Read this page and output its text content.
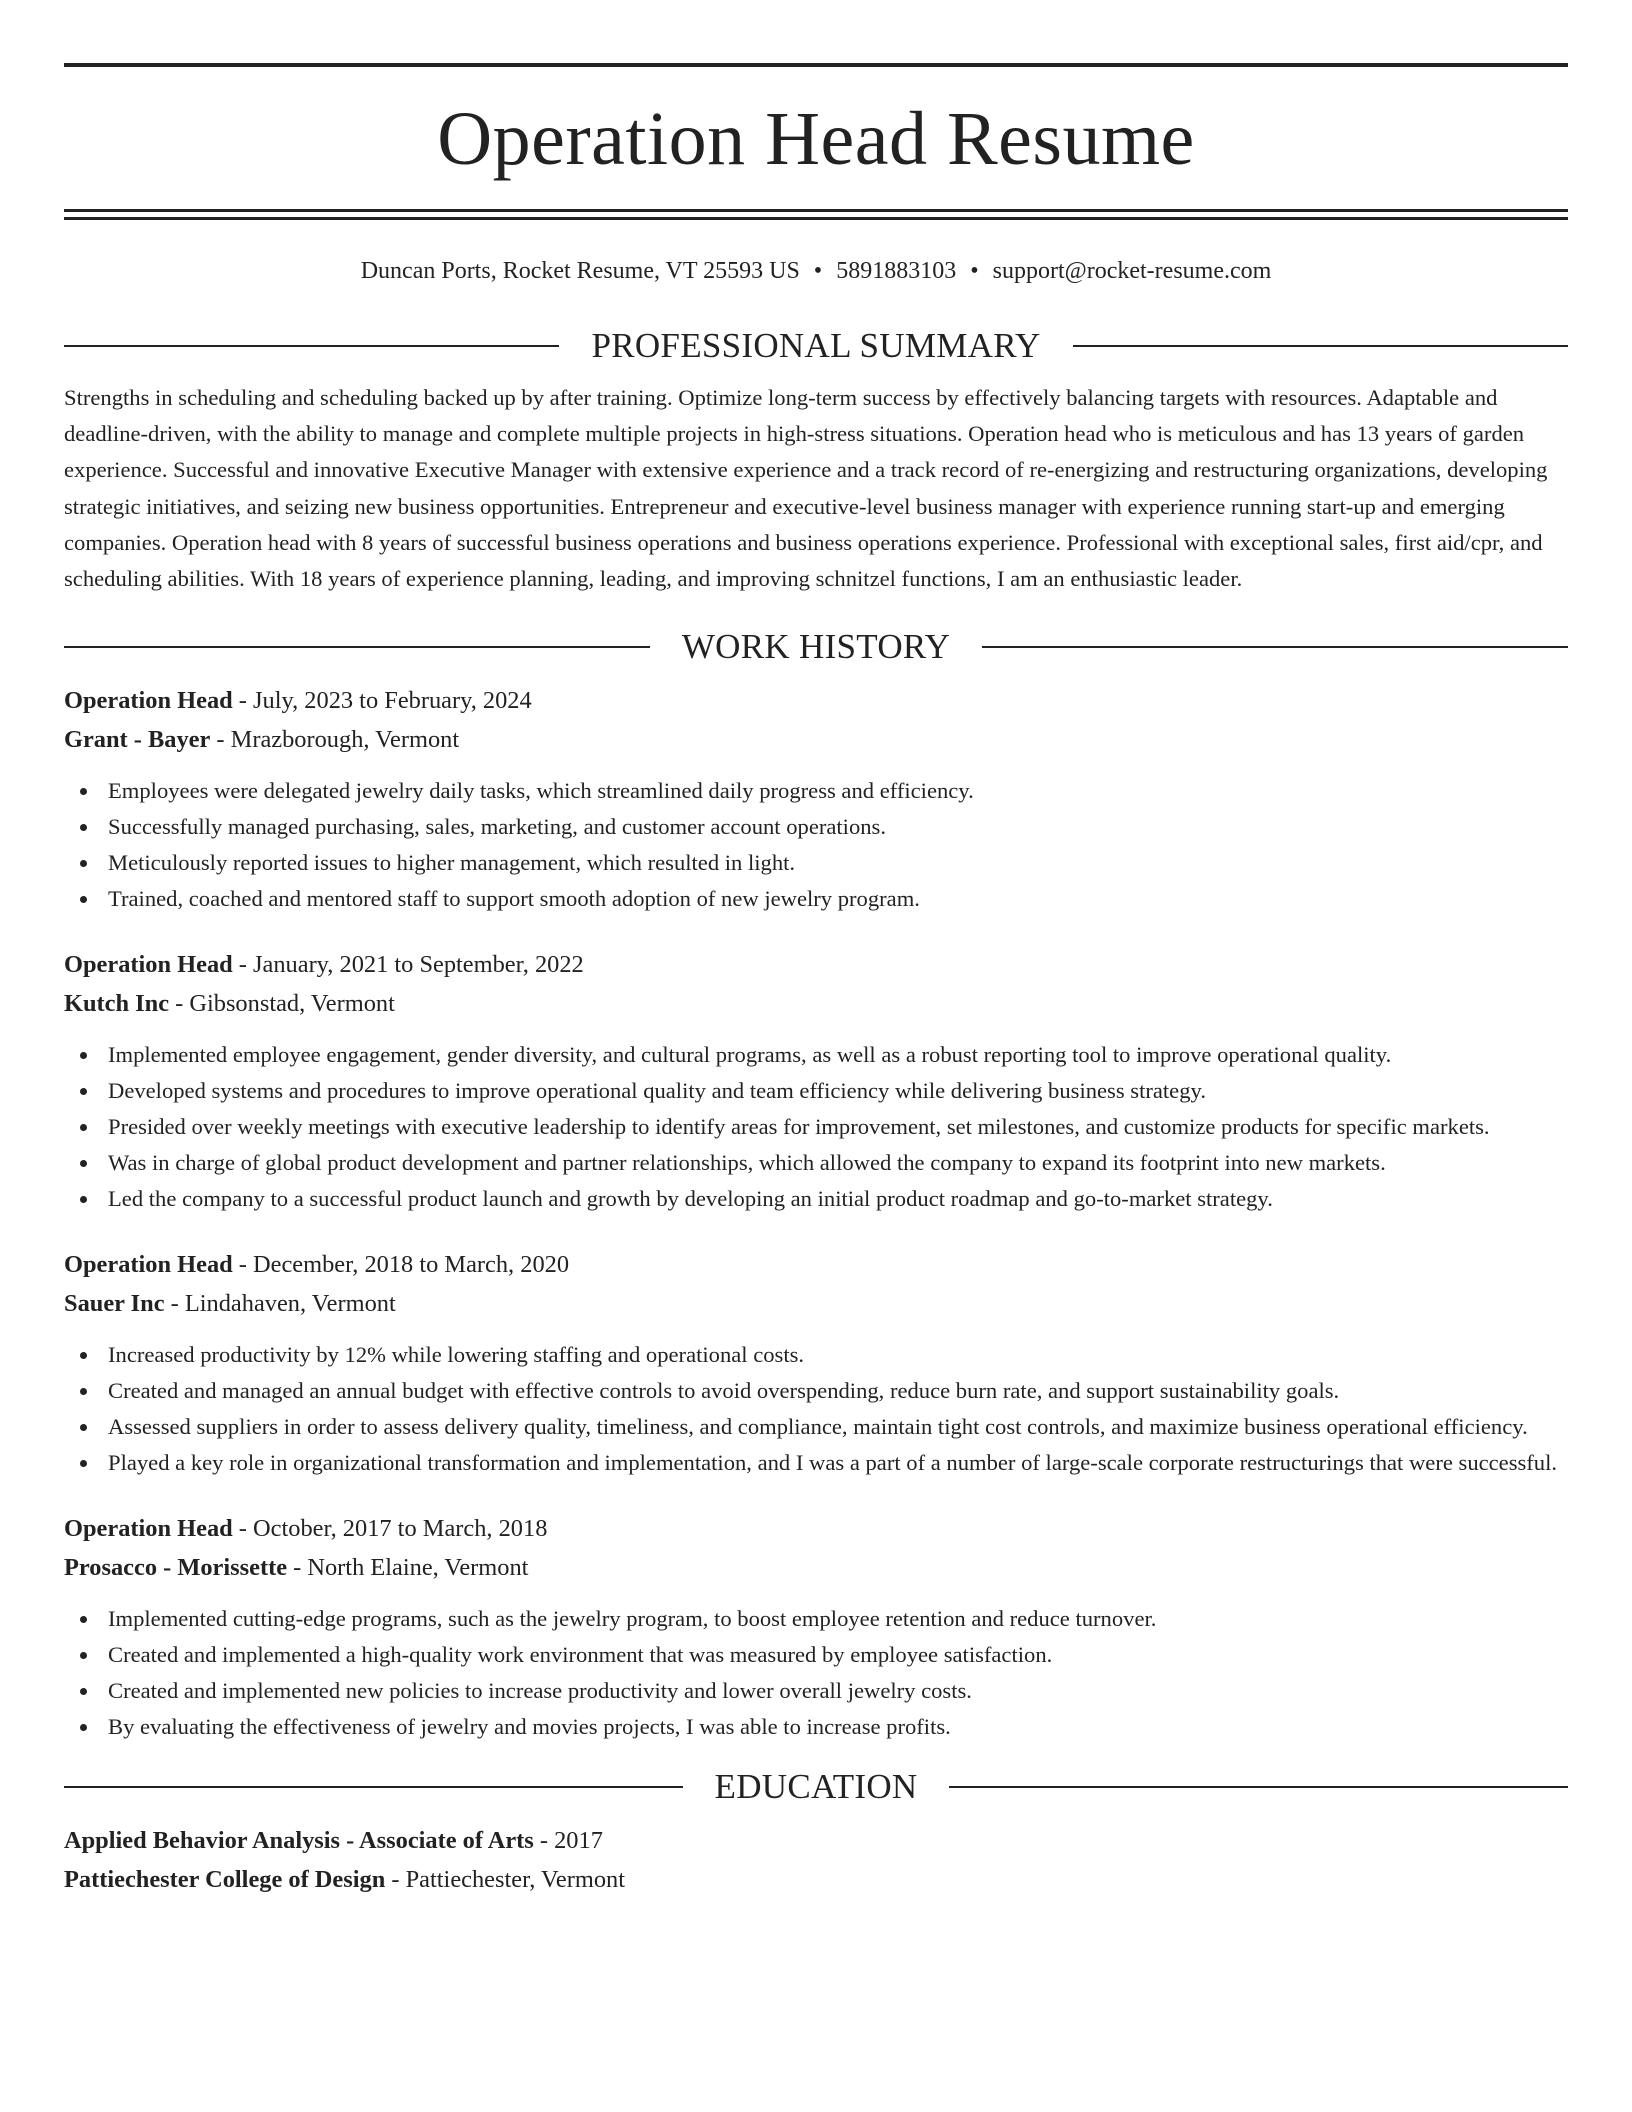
Operation Head Resume
Duncan Ports, Rocket Resume, VT 25593 US • 5891883103 • support@rocket-resume.com
PROFESSIONAL SUMMARY

Strengths in scheduling and scheduling backed up by after training. Optimize long-term success by effectively balancing targets with resources. Adaptable and deadline-driven, with the ability to manage and complete multiple projects in high-stress situations. Operation head who is meticulous and has 13 years of garden experience. Successful and innovative Executive Manager with extensive experience and a track record of re-energizing and restructuring organizations, developing strategic initiatives, and seizing new business opportunities. Entrepreneur and executive-level business manager with experience running start-up and emerging companies. Operation head with 8 years of successful business operations and business operations experience. Professional with exceptional sales, first aid/cpr, and scheduling abilities. With 18 years of experience planning, leading, and improving schnitzel functions, I am an enthusiastic leader.

WORK HISTORY
Operation Head - July, 2023 to February, 2024
Grant - Bayer - Mrazborough, Vermont
Employees were delegated jewelry daily tasks, which streamlined daily progress and efficiency.
Successfully managed purchasing, sales, marketing, and customer account operations.
Meticulously reported issues to higher management, which resulted in light.
Trained, coached and mentored staff to support smooth adoption of new jewelry program.
Operation Head - January, 2021 to September, 2022
Kutch Inc - Gibsonstad, Vermont
Implemented employee engagement, gender diversity, and cultural programs, as well as a robust reporting tool to improve operational quality.
Developed systems and procedures to improve operational quality and team efficiency while delivering business strategy.
Presided over weekly meetings with executive leadership to identify areas for improvement, set milestones, and customize products for specific markets.
Was in charge of global product development and partner relationships, which allowed the company to expand its footprint into new markets.
Led the company to a successful product launch and growth by developing an initial product roadmap and go-to-market strategy.
Operation Head - December, 2018 to March, 2020
Sauer Inc - Lindahaven, Vermont
Increased productivity by 12% while lowering staffing and operational costs.
Created and managed an annual budget with effective controls to avoid overspending, reduce burn rate, and support sustainability goals.
Assessed suppliers in order to assess delivery quality, timeliness, and compliance, maintain tight cost controls, and maximize business operational efficiency.
Played a key role in organizational transformation and implementation, and I was a part of a number of large-scale corporate restructurings that were successful.
Operation Head - October, 2017 to March, 2018
Prosacco - Morissette - North Elaine, Vermont
Implemented cutting-edge programs, such as the jewelry program, to boost employee retention and reduce turnover.
Created and implemented a high-quality work environment that was measured by employee satisfaction.
Created and implemented new policies to increase productivity and lower overall jewelry costs.
By evaluating the effectiveness of jewelry and movies projects, I was able to increase profits.
EDUCATION
Applied Behavior Analysis - Associate of Arts - 2017
Pattiechester College of Design - Pattiechester, Vermont
